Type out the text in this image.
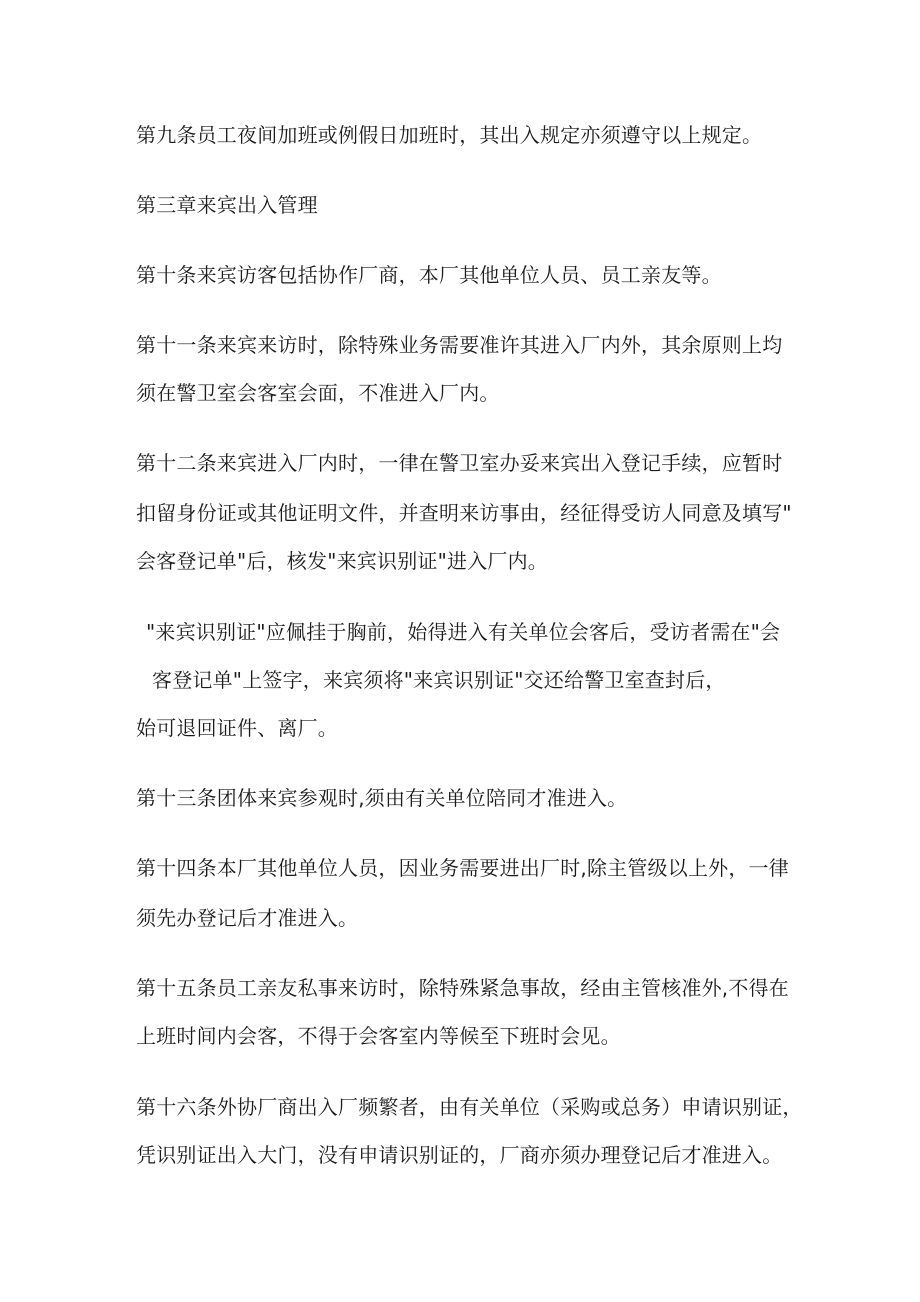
第九条员工夜间加班或例假日加班时，其出入规定亦须遵守以上规定。
第三章来宾出入管理
第十条来宾访客包括协作厂商，本厂其他单位人员、员工亲友等。
第十一条来宾来访时，除特殊业务需要准许其进入厂内外，其余原则上均
须在警卫室会客室会面，不准进入厂内。
第十二条来宾进入厂内时，一律在警卫室办妥来宾出入登记手续，应暂时
扣留身份证或其他证明文件，并查明来访事由，经征得受访人同意及填写"
会客登记单"后，核发"来宾识别证"进入厂内。
"来宾识别证"应佩挂于胸前，始得进入有关单位会客后，受访者需在"会
客登记单"上签字，来宾须将"来宾识别证"交还给警卫室查封后，
始可退回证件、离厂。
第十三条团体来宾参观时,须由有关单位陪同才准进入。
第十四条本厂其他单位人员，因业务需要进出厂时,除主管级以上外，一律
须先办登记后才准进入。
第十五条员工亲友私事来访时，除特殊紧急事故，经由主管核准外,不得在
上班时间内会客，不得于会客室内等候至下班时会见。
第十六条外协厂商出入厂频繁者，由有关单位（采购或总务）申请识别证，
凭识别证出入大门，没有申请识别证的，厂商亦须办理登记后才准进入。
